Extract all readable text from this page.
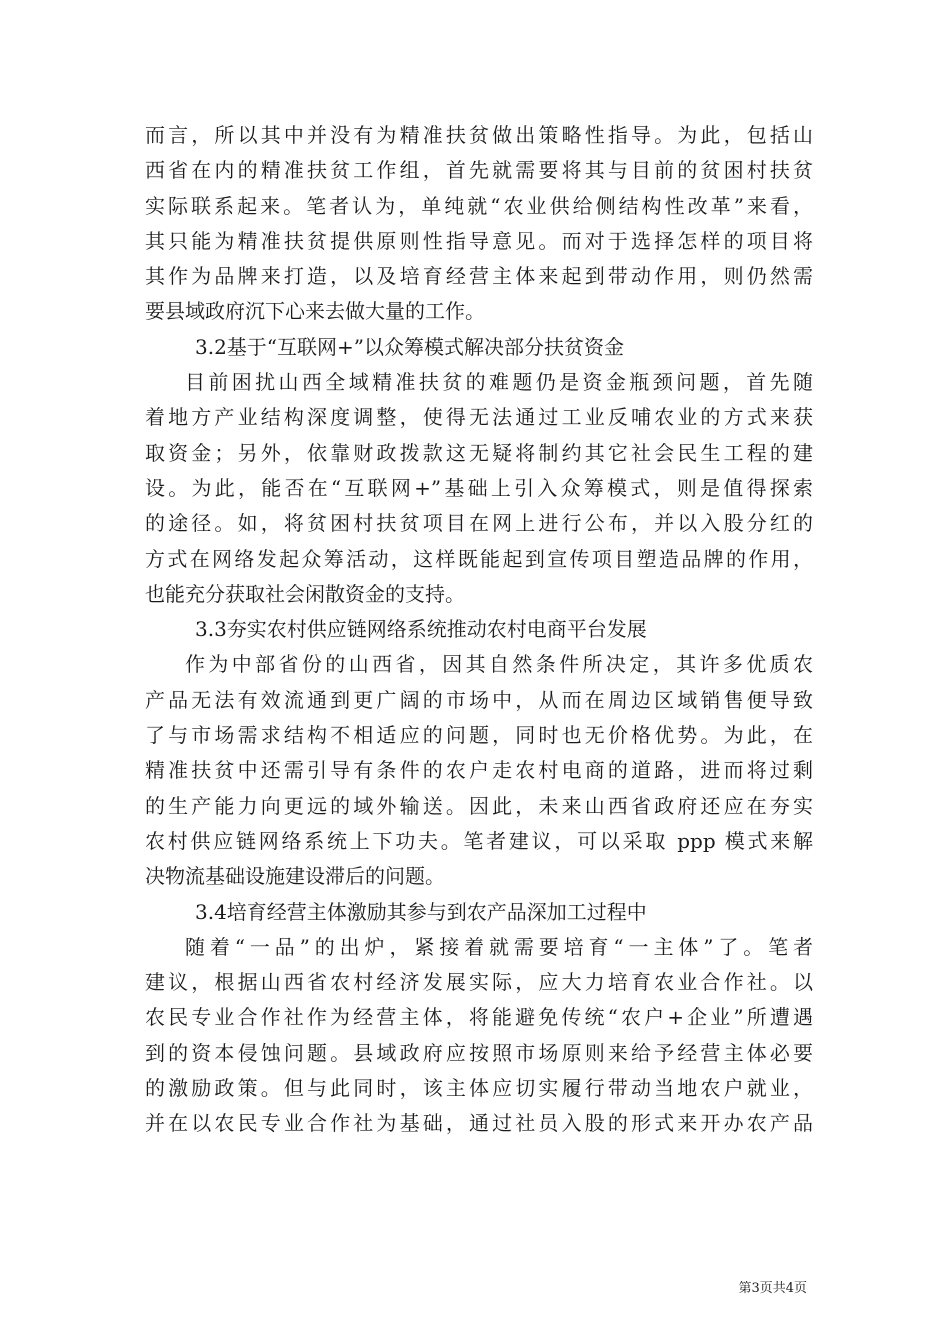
而言，所以其中并没有为精准扶贫做出策略性指导。为此，包括山
西省在内的精准扶贫工作组，首先就需要将其与目前的贫困村扶贫
实际联系起来。笔者认为，单纯就“农业供给侧结构性改革”来看，
其只能为精准扶贫提供原则性指导意见。而对于选择怎样的项目将
其作为品牌来打造，以及培育经营主体来起到带动作用，则仍然需
要县域政府沉下心来去做大量的工作。
3.2基于“互联网+”以众筹模式解决部分扶贫资金
目前困扰山西全域精准扶贫的难题仍是资金瓶颈问题，首先随
着地方产业结构深度调整，使得无法通过工业反哺农业的方式来获
取资金；另外，依靠财政拨款这无疑将制约其它社会民生工程的建
设。为此，能否在“互联网+”基础上引入众筹模式，则是值得探索
的途径。如，将贫困村扶贫项目在网上进行公布，并以入股分红的
方式在网络发起众筹活动，这样既能起到宣传项目塑造品牌的作用，
也能充分获取社会闲散资金的支持。
3.3夯实农村供应链网络系统推动农村电商平台发展
作为中部省份的山西省，因其自然条件所决定，其许多优质农
产品无法有效流通到更广阔的市场中，从而在周边区域销售便导致
了与市场需求结构不相适应的问题，同时也无价格优势。为此，在
精准扶贫中还需引导有条件的农户走农村电商的道路，进而将过剩
的生产能力向更远的域外输送。因此，未来山西省政府还应在夯实
农村供应链网络系统上下功夫。笔者建议，可以采取 ppp 模式来解
决物流基础设施建设滞后的问题。
3.4培育经营主体激励其参与到农产品深加工过程中
随着“一品”的出炉，紧接着就需要培育“一主体”了。笔者
建议，根据山西省农村经济发展实际，应大力培育农业合作社。以
农民专业合作社作为经营主体，将能避免传统“农户+企业”所遭遇
到的资本侵蚀问题。县域政府应按照市场原则来给予经营主体必要
的激励政策。但与此同时，该主体应切实履行带动当地农户就业，
并在以农民专业合作社为基础，通过社员入股的形式来开办农产品
第3页共4页
